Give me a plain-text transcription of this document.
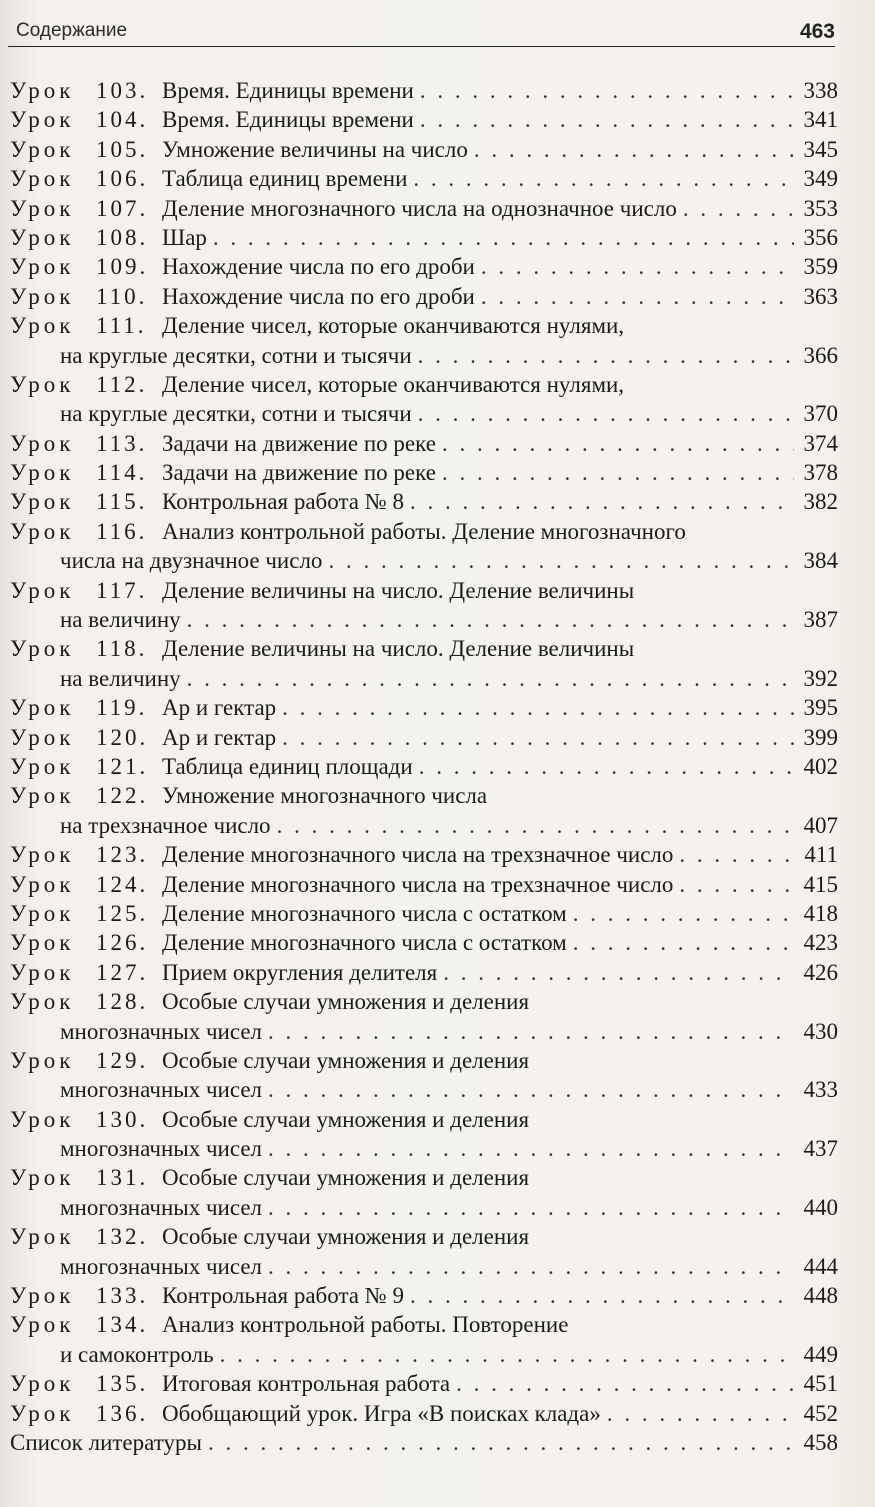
Содержание	463
Урок 103. Время. Единицы времени . . .	338
Урок 104. Время. Единицы времени . . .	341
Урок 105. Умножение величины на число . . .	345
Урок 106. Таблица единиц времени . . .	349
Урок 107. Деление многозначного числа на однозначное число . . .	353
Урок 108. Шар . . .	356
Урок 109. Нахождение числа по его дроби . . .	359
Урок 110. Нахождение числа по его дроби . . .	363
Урок 111. Деление чисел, которые оканчиваются нулями,
на круглые десятки, сотни и тысячи . . .	366
Урок 112. Деление чисел, которые оканчиваются нулями,
на круглые десятки, сотни и тысячи . . .	370
Урок 113. Задачи на движение по реке . . .	374
Урок 114. Задачи на движение по реке . . .	378
Урок 115. Контрольная работа № 8 . . .	382
Урок 116. Анализ контрольной работы. Деление многозначного
числа на двузначное число . . .	384
Урок 117. Деление величины на число. Деление величины
на величину . . .	387
Урок 118. Деление величины на число. Деление величины
на величину . . .	392
Урок 119. Ар и гектар . . .	395
Урок 120. Ар и гектар . . .	399
Урок 121. Таблица единиц площади . . .	402
Урок 122. Умножение многозначного числа
на трехзначное число . . .	407
Урок 123. Деление многозначного числа на трехзначное число . . .	411
Урок 124. Деление многозначного числа на трехзначное число . . .	415
Урок 125. Деление многозначного числа с остатком . . .	418
Урок 126. Деление многозначного числа с остатком . . .	423
Урок 127. Прием округления делителя . . .	426
Урок 128. Особые случаи умножения и деления
многозначных чисел . . .	430
Урок 129. Особые случаи умножения и деления
многозначных чисел . . .	433
Урок 130. Особые случаи умножения и деления
многозначных чисел . . .	437
Урок 131. Особые случаи умножения и деления
многозначных чисел . . .	440
Урок 132. Особые случаи умножения и деления
многозначных чисел . . .	444
Урок 133. Контрольная работа № 9 . . .	448
Урок 134. Анализ контрольной работы. Повторение
и самоконтроль . . .	449
Урок 135. Итоговая контрольная работа . . .	451
Урок 136. Обобщающий урок. Игра «В поисках клада» . . .	452
Список литературы . . .	458
